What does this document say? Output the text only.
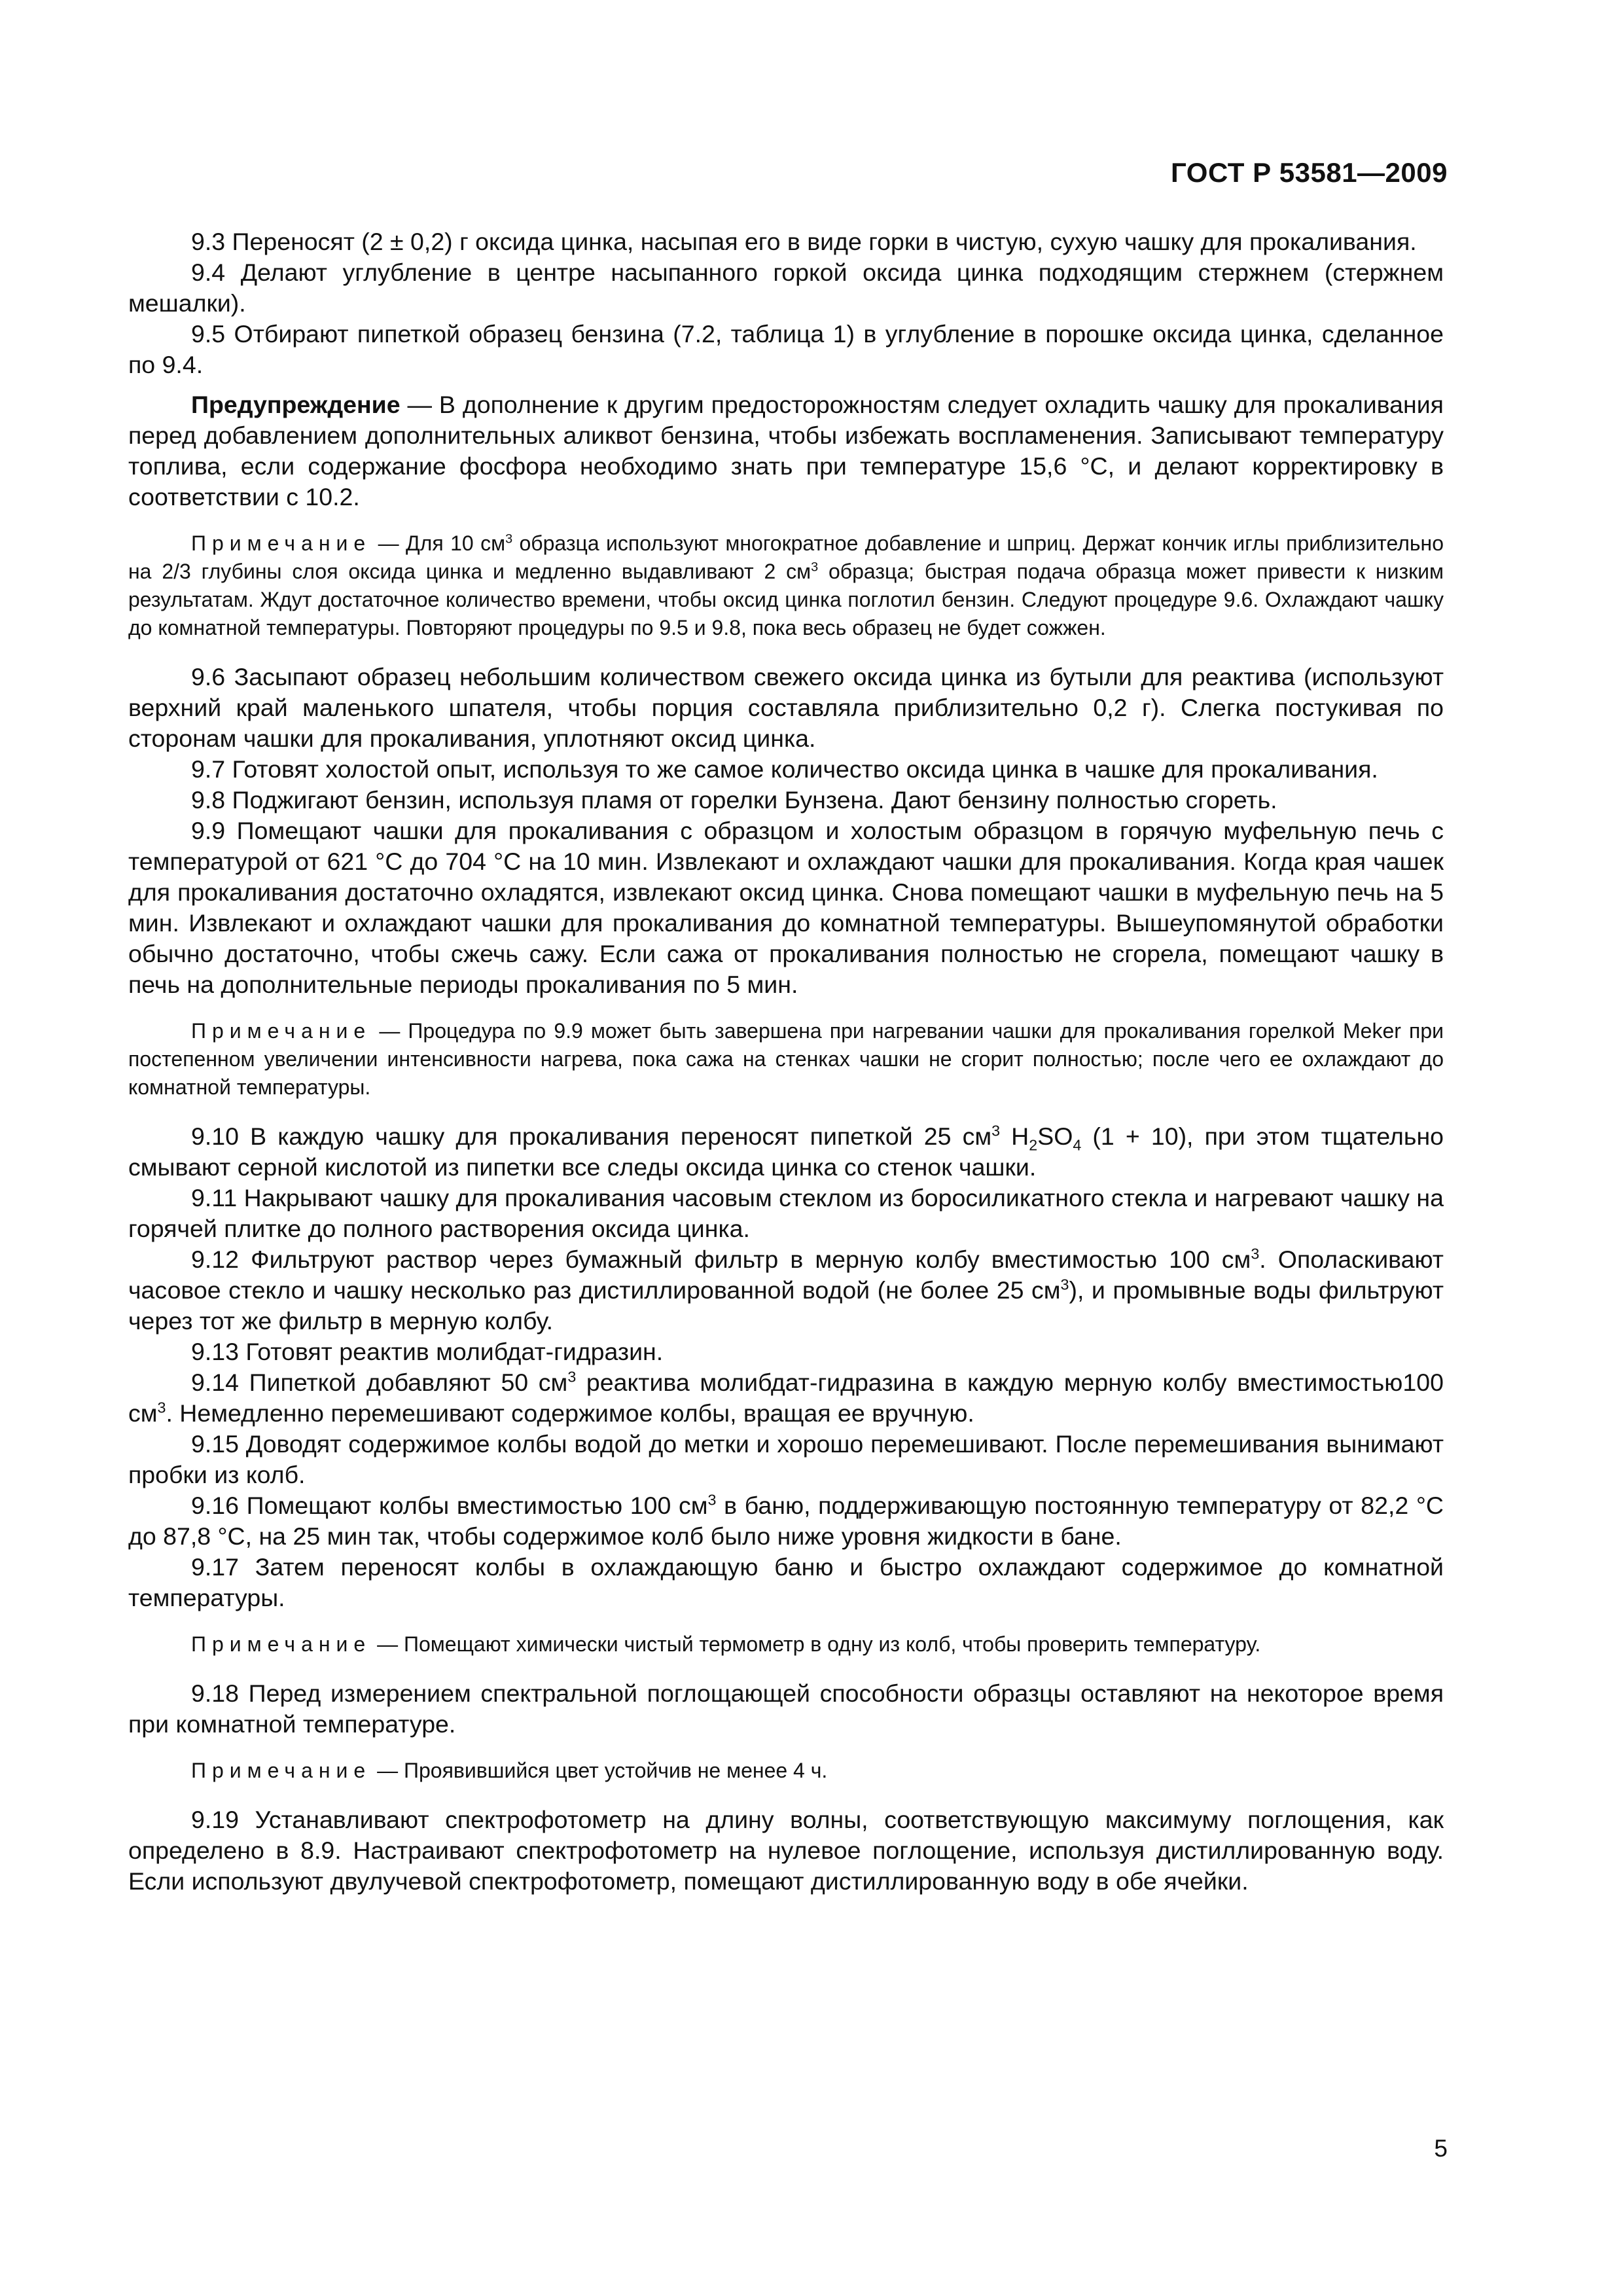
ГОСТ Р 53581—2009

9.3 Переносят (2 ± 0,2) г оксида цинка, насыпая его в виде горки в чистую, сухую чашку для прокаливания.

9.4 Делают углубление в центре насыпанного горкой оксида цинка подходящим стержнем (стержнем мешалки).

9.5 Отбирают пипеткой образец бензина (7.2, таблица 1) в углубление в порошке оксида цинка, сделанное по 9.4.

Предупреждение — В дополнение к другим предосторожностям следует охладить чашку для прокаливания перед добавлением дополнительных аликвот бензина, чтобы избежать воспламенения. Записывают температуру топлива, если содержание фосфора необходимо знать при температуре 15,6 °С, и делают корректировку в соответствии с 10.2.

Примечание — Для 10 $см^3$ образца используют многократное добавление и шприц. Держат кончик иглы приблизительно на 2/3 глубины слоя оксида цинка и медленно выдавливают 2 $см^3$ образца; быстрая подача образца может привести к низким результатам. Ждут достаточное количество времени, чтобы оксид цинка поглотил бензин. Следуют процедуре 9.6. Охлаждают чашку до комнатной температуры. Повторяют процедуры по 9.5 и 9.8, пока весь образец не будет сожжен.

9.6 Засыпают образец небольшим количеством свежего оксида цинка из бутыли для реактива (используют верхний край маленького шпателя, чтобы порция составляла приблизительно 0,2 г). Слегка постукивая по сторонам чашки для прокаливания, уплотняют оксид цинка.

9.7 Готовят холостой опыт, используя то же самое количество оксида цинка в чашке для прокаливания.

9.8 Поджигают бензин, используя пламя от горелки Бунзена. Дают бензину полностью сгореть.

9.9 Помещают чашки для прокаливания с образцом и холостым образцом в горячую муфельную печь с температурой от 621 °С до 704 °С на 10 мин. Извлекают и охлаждают чашки для прокаливания. Когда края чашек для прокаливания достаточно охладятся, извлекают оксид цинка. Снова помещают чашки в муфельную печь на 5 мин. Извлекают и охлаждают чашки для прокаливания до комнатной температуры. Вышеупомянутой обработки обычно достаточно, чтобы сжечь сажу. Если сажа от прокаливания полностью не сгорела, помещают чашку в печь на дополнительные периоды прокаливания по 5 мин.

Примечание — Процедура по 9.9 может быть завершена при нагревании чашки для прокаливания горелкой Meker при постепенном увеличении интенсивности нагрева, пока сажа на стенках чашки не сгорит полностью; после чего ее охлаждают до комнатной температуры.

9.10 В каждую чашку для прокаливания переносят пипеткой 25 $см^3$ $H_2SO_4$ (1 + 10), при этом тщательно смывают серной кислотой из пипетки все следы оксида цинка со стенок чашки.

9.11 Накрывают чашку для прокаливания часовым стеклом из боросиликатного стекла и нагревают чашку на горячей плитке до полного растворения оксида цинка.

9.12 Фильтруют раствор через бумажный фильтр в мерную колбу вместимостью 100 $см^3$. Ополаскивают часовое стекло и чашку несколько раз дистиллированной водой (не более 25 $см^3$), и промывные воды фильтруют через тот же фильтр в мерную колбу.

9.13 Готовят реактив молибдат-гидразин.

9.14 Пипеткой добавляют 50 $см^3$ реактива молибдат-гидразина в каждую мерную колбу вместимостью100 $см^3$. Немедленно перемешивают содержимое колбы, вращая ее вручную.

9.15 Доводят содержимое колбы водой до метки и хорошо перемешивают. После перемешивания вынимают пробки из колб.

9.16 Помещают колбы вместимостью 100 $см^3$ в баню, поддерживающую постоянную температуру от 82,2 °С до 87,8 °С, на 25 мин так, чтобы содержимое колб было ниже уровня жидкости в бане.

9.17 Затем переносят колбы в охлаждающую баню и быстро охлаждают содержимое до комнатной температуры.

Примечание — Помещают химически чистый термометр в одну из колб, чтобы проверить температуру.

9.18 Перед измерением спектральной поглощающей способности образцы оставляют на некоторое время при комнатной температуре.

Примечание — Проявившийся цвет устойчив не менее 4 ч.

9.19 Устанавливают спектрофотометр на длину волны, соответствующую максимуму поглощения, как определено в 8.9. Настраивают спектрофотометр на нулевое поглощение, используя дистиллированную воду. Если используют двулучевой спектрофотометр, помещают дистиллированную воду в обе ячейки.

5
